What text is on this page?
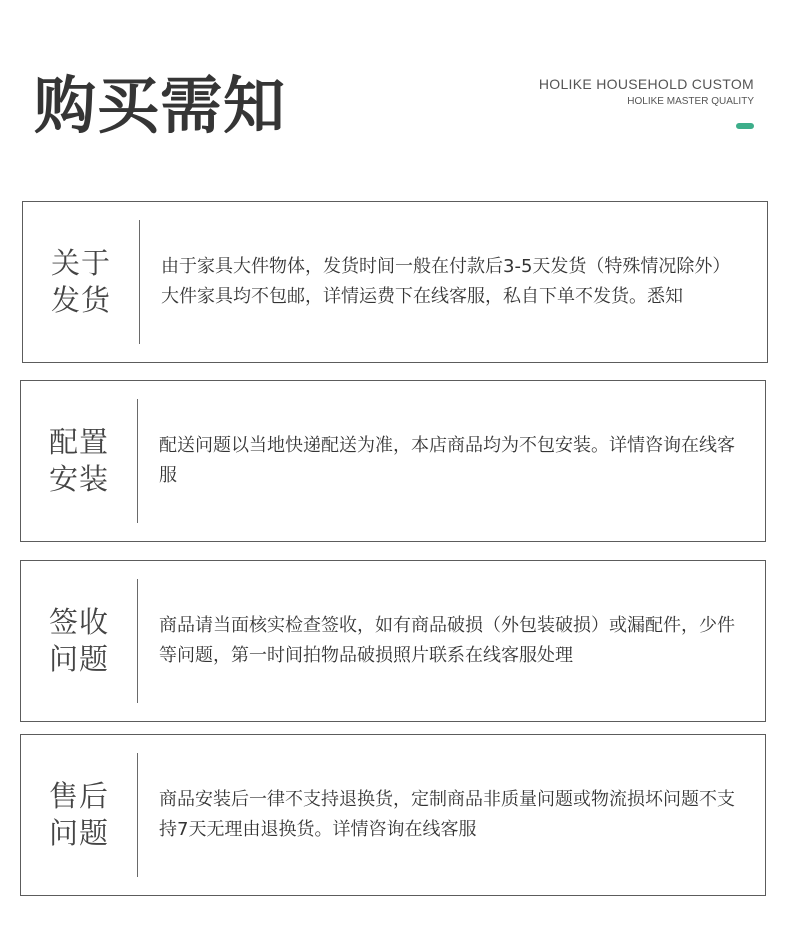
购买需知	HOLIKE HOUSEHOLD CUSTOM
HOLIKE MASTER QUALITY
关于
发货
由于家具大件物体，发货时间一般在付款后3-5天发货（特殊情况除外）大件家具均不包邮，详情运费下在线客服，私自下单不发货。悉知
配置
安装
配送问题以当地快递配送为准，本店商品均为不包安装。详情咨询在线客服
签收
问题
商品请当面核实检查签收，如有商品破损（外包装破损）或漏配件，少件等问题，第一时间拍物品破损照片联系在线客服处理
售后
问题
商品安装后一律不支持退换货，定制商品非质量问题或物流损坏问题不支持7天无理由退换货。详情咨询在线客服
